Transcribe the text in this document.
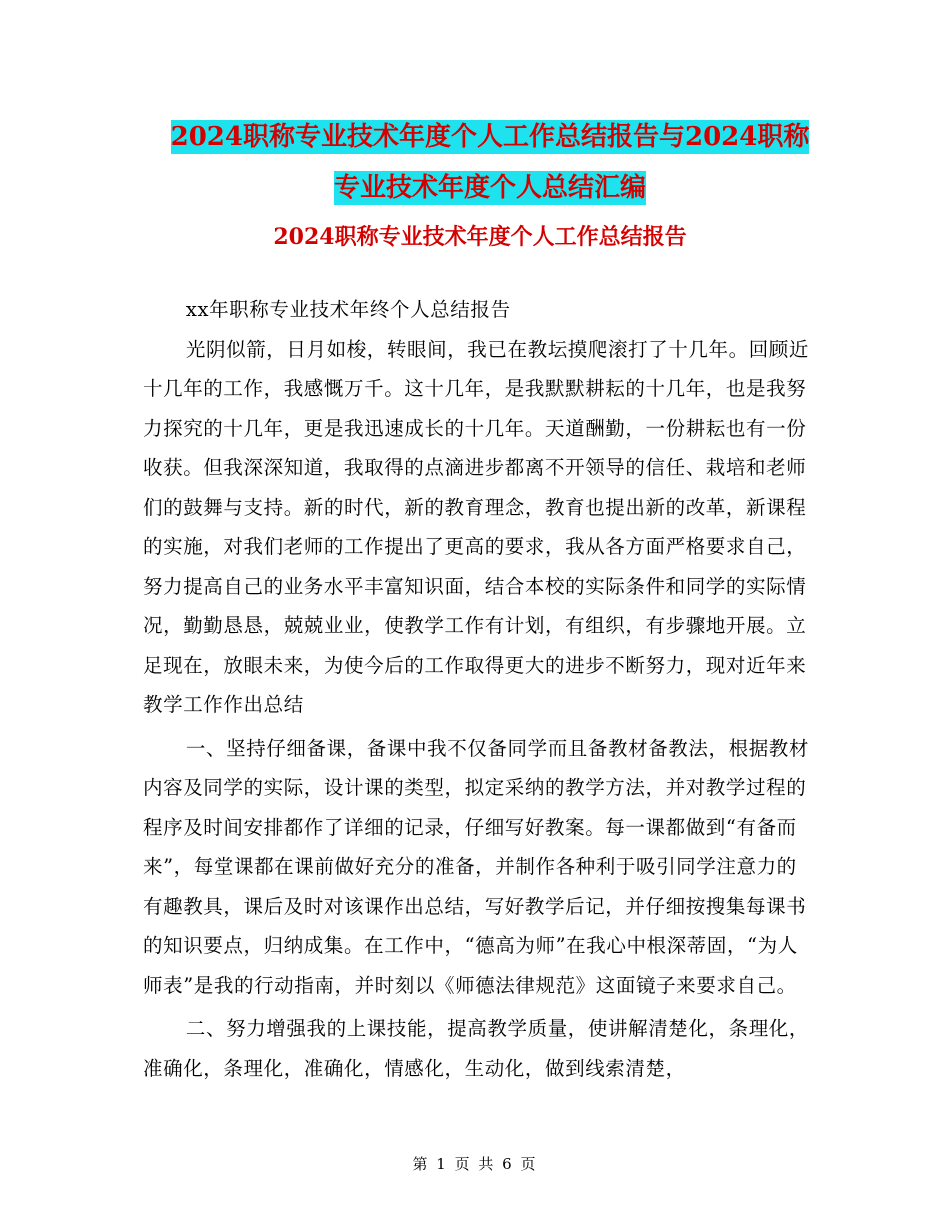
2024职称专业技术年度个人工作总结报告与2024职称
专业技术年度个人总结汇编
2024职称专业技术年度个人工作总结报告

xx年职称专业技术年终个人总结报告

光阴似箭，日月如梭，转眼间，我已在教坛摸爬滚打了十几年。回顾近十几年的工作，我感慨万千。这十几年，是我默默耕耘的十几年，也是我努力探究的十几年，更是我迅速成长的十几年。天道酬勤，一份耕耘也有一份收获。但我深深知道，我取得的点滴进步都离不开领导的信任、栽培和老师们的鼓舞与支持。新的时代，新的教育理念，教育也提出新的改革，新课程的实施，对我们老师的工作提出了更高的要求，我从各方面严格要求自己，努力提高自己的业务水平丰富知识面，结合本校的实际条件和同学的实际情况，勤勤恳恳，兢兢业业，使教学工作有计划，有组织，有步骤地开展。立足现在，放眼未来，为使今后的工作取得更大的进步不断努力，现对近年来教学工作作出总结

一、坚持仔细备课，备课中我不仅备同学而且备教材备教法，根据教材内容及同学的实际，设计课的类型，拟定采纳的教学方法，并对教学过程的程序及时间安排都作了详细的记录，仔细写好教案。每一课都做到“有备而来”，每堂课都在课前做好充分的准备，并制作各种利于吸引同学注意力的有趣教具，课后及时对该课作出总结，写好教学后记，并仔细按搜集每课书的知识要点，归纳成集。在工作中，“德高为师”在我心中根深蒂固，“为人师表”是我的行动指南，并时刻以《师德法律规范》这面镜子来要求自己。

二、努力增强我的上课技能，提高教学质量，使讲解清楚化，条理化，准确化，条理化，准确化，情感化，生动化，做到线索清楚，

第 1 页 共 6 页
